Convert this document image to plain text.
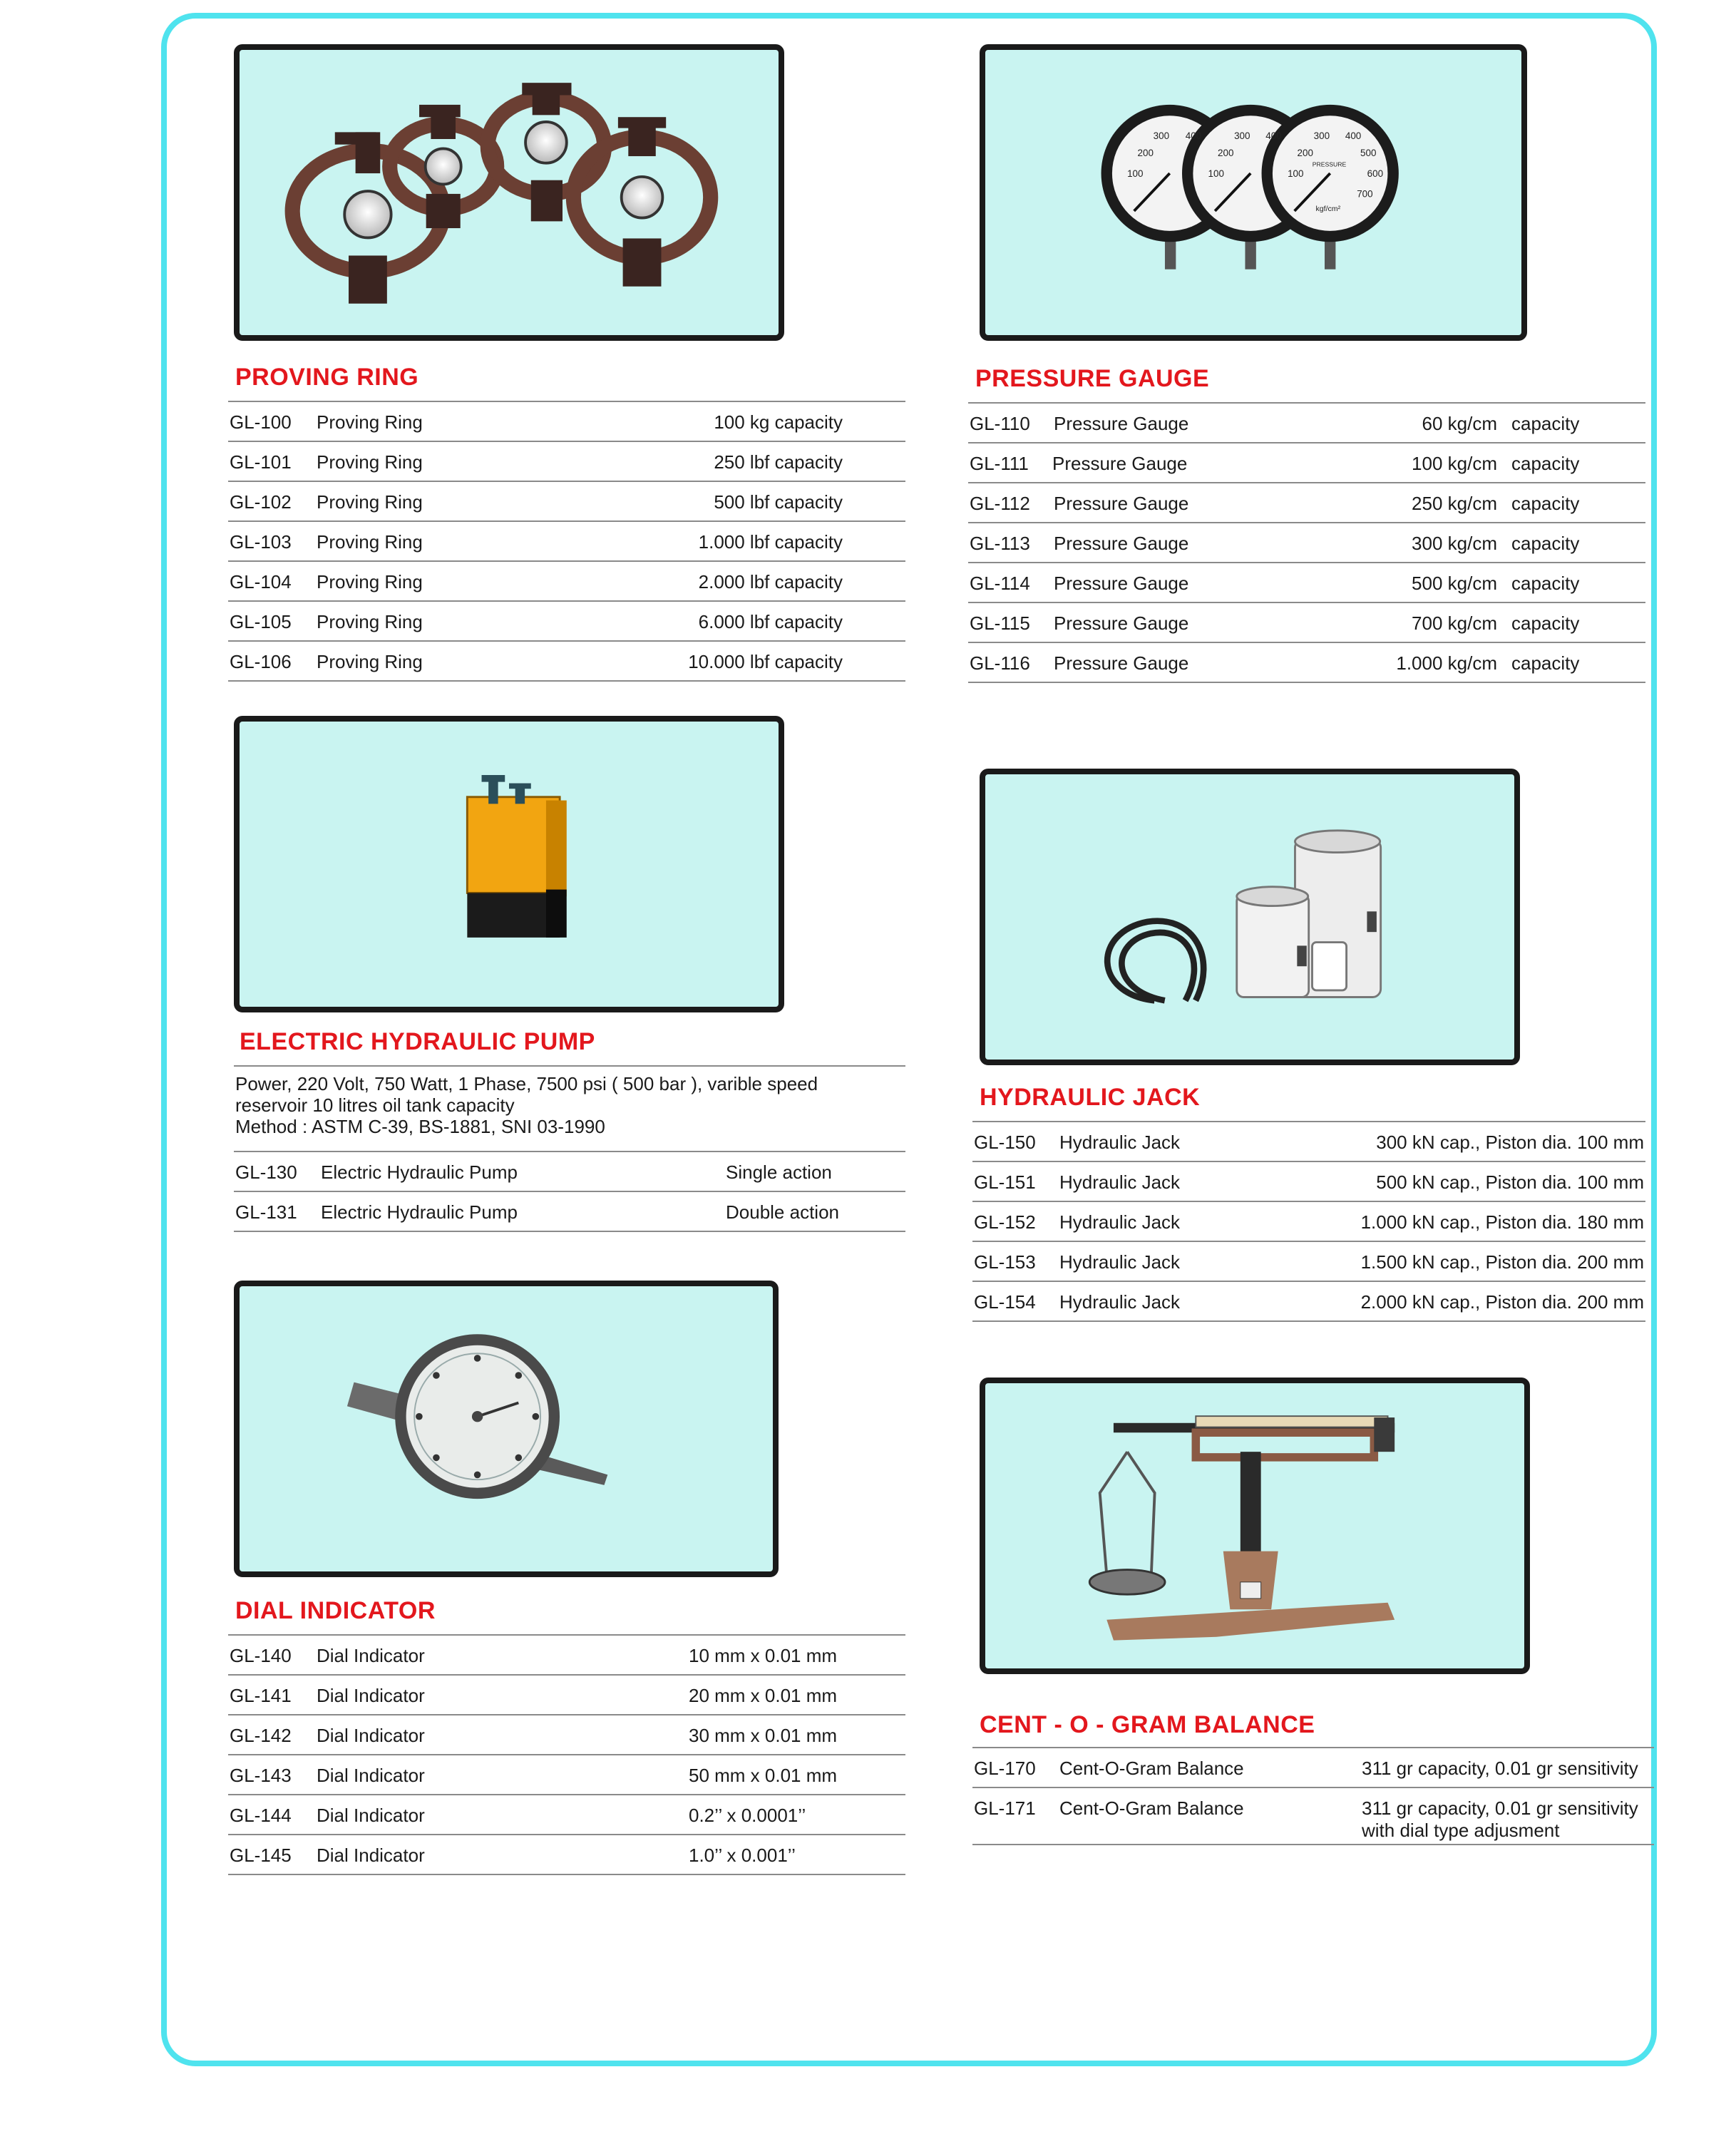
PROVING RING
GL-100 Proving Ring	100 kg capacity
GL-101 Proving Ring	250 lbf capacity
GL-102 Proving Ring	500 lbf capacity
GL-103 Proving Ring	1.000 lbf capacity
GL-104 Proving Ring	2.000 lbf capacity
GL-105 Proving Ring	6.000 lbf capacity
GL-106 Proving Ring	10.000 lbf capacity
300 400
200
100
300 400
200
100
300 400
500
600
700
200
100
PRESSURE
kgf/cm²
PRESSURE GAUGE
GL-110 Pressure Gauge	60 kg/cm capacity
GL-111 Pressure Gauge	100 kg/cm capacity
GL-112 Pressure Gauge	250 kg/cm capacity
GL-113 Pressure Gauge	300 kg/cm capacity
GL-114 Pressure Gauge	500 kg/cm capacity
GL-115 Pressure Gauge	700 kg/cm capacity
GL-116 Pressure Gauge	1.000 kg/cm capacity
ELECTRIC HYDRAULIC PUMP
Power, 220 Volt, 750 Watt, 1 Phase, 7500 psi ( 500 bar ), varible speed
reservoir 10 litres oil tank capacity
Method : ASTM C-39, BS-1881, SNI 03-1990
GL-130 Electric Hydraulic Pump	Single action
GL-131 Electric Hydraulic Pump	Double action
HYDRAULIC JACK
GL-150 Hydraulic Jack	300 kN cap., Piston dia. 100 mm
GL-151 Hydraulic Jack	500 kN cap., Piston dia. 100 mm
GL-152 Hydraulic Jack	1.000 kN cap., Piston dia. 180 mm
GL-153 Hydraulic Jack	1.500 kN cap., Piston dia. 200 mm
GL-154 Hydraulic Jack	2.000 kN cap., Piston dia. 200 mm
DIAL INDICATOR
GL-140 Dial Indicator	10 mm x 0.01 mm
GL-141 Dial Indicator	20 mm x 0.01 mm
GL-142 Dial Indicator	30 mm x 0.01 mm
GL-143 Dial Indicator	50 mm x 0.01 mm
GL-144 Dial Indicator	0.2’’ x 0.0001’’
GL-145 Dial Indicator	1.0’’ x 0.001’’
CENT - O - GRAM BALANCE
GL-170 Cent-O-Gram Balance	311 gr capacity, 0.01 gr sensitivity
GL-171 Cent-O-Gram Balance	311 gr capacity, 0.01 gr sensitivity
with dial type adjusment
